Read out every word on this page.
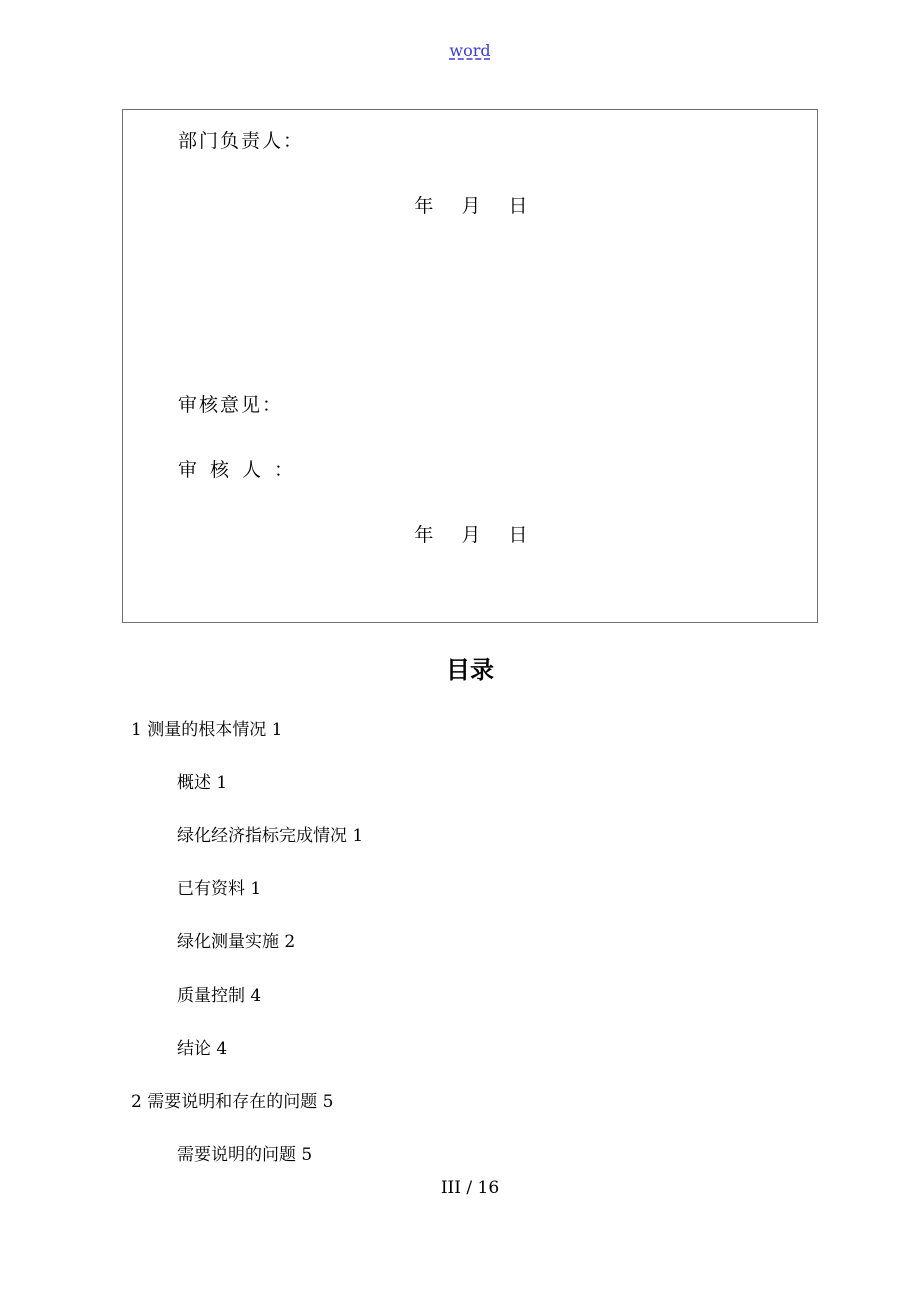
word
部门负责人：
年 月 日
审核意见：
审核人：
年 月 日
目录
1 测量的根本情况 1
概述 1
绿化经济指标完成情况 1
已有资料 1
绿化测量实施 2
质量控制 4
结论 4
2 需要说明和存在的问题 5
需要说明的问题 5
III / 16
